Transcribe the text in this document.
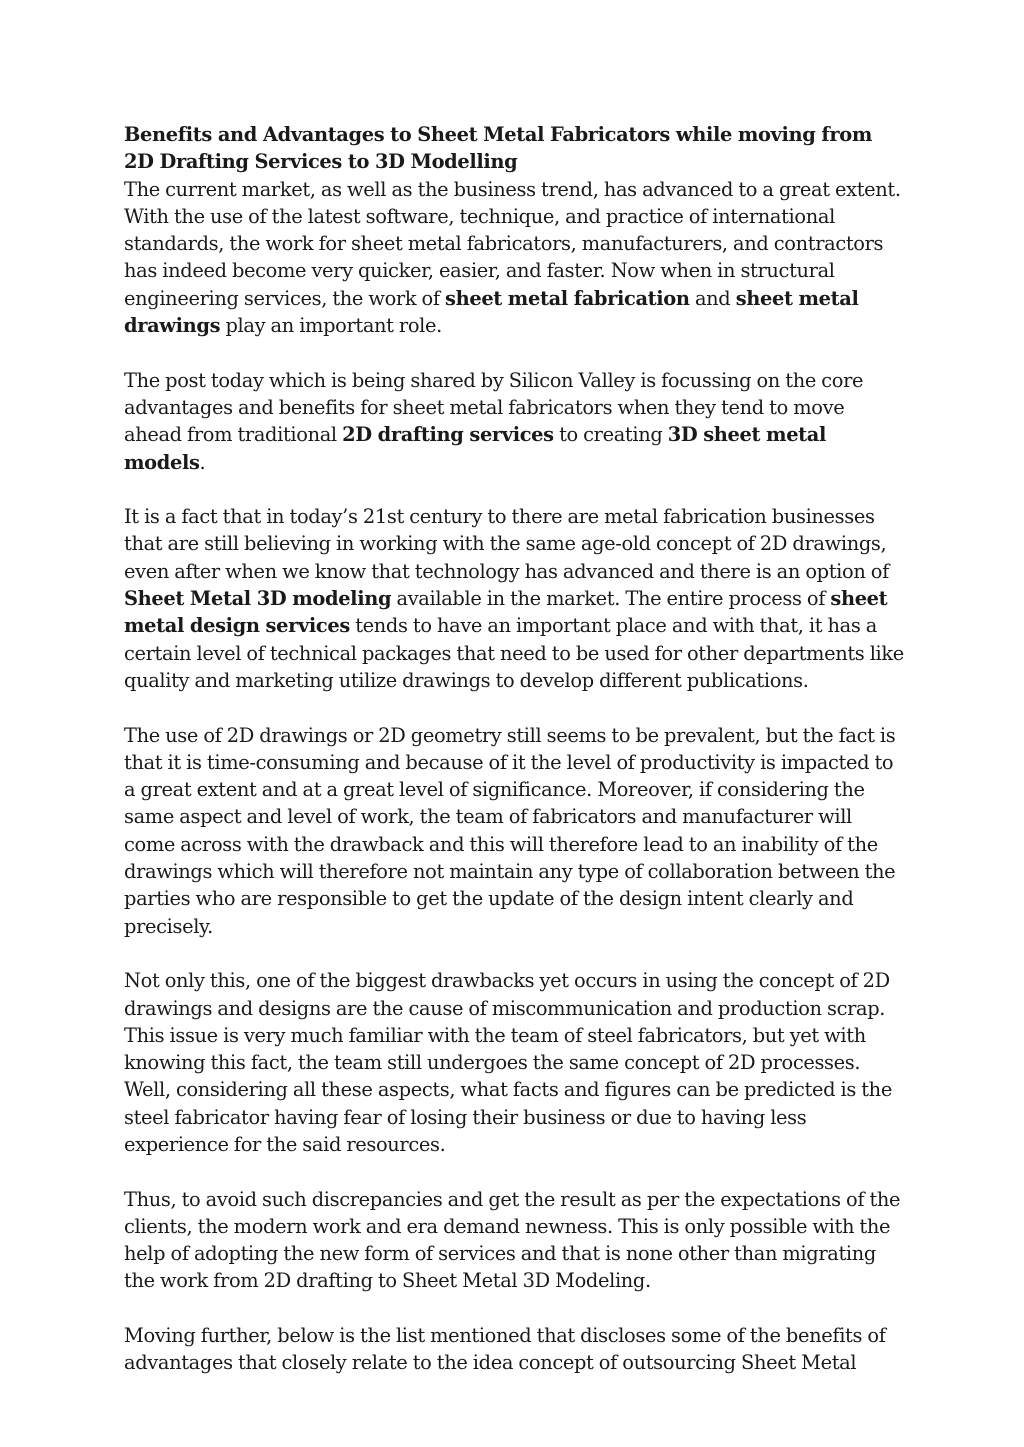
Benefits and Advantages to Sheet Metal Fabricators while moving from 2D Drafting Services to 3D Modelling

The current market, as well as the business trend, has advanced to a great extent. With the use of the latest software, technique, and practice of international standards, the work for sheet metal fabricators, manufacturers, and contractors has indeed become very quicker, easier, and faster. Now when in structural engineering services, the work of sheet metal fabrication and sheet metal drawings play an important role.

The post today which is being shared by Silicon Valley is focussing on the core advantages and benefits for sheet metal fabricators when they tend to move ahead from traditional 2D drafting services to creating 3D sheet metal models.

It is a fact that in today’s 21st century to there are metal fabrication businesses that are still believing in working with the same age-old concept of 2D drawings, even after when we know that technology has advanced and there is an option of Sheet Metal 3D modeling available in the market. The entire process of sheet metal design services tends to have an important place and with that, it has a certain level of technical packages that need to be used for other departments like quality and marketing utilize drawings to develop different publications.

The use of 2D drawings or 2D geometry still seems to be prevalent, but the fact is that it is time-consuming and because of it the level of productivity is impacted to a great extent and at a great level of significance. Moreover, if considering the same aspect and level of work, the team of fabricators and manufacturer will come across with the drawback and this will therefore lead to an inability of the drawings which will therefore not maintain any type of collaboration between the parties who are responsible to get the update of the design intent clearly and precisely.

Not only this, one of the biggest drawbacks yet occurs in using the concept of 2D drawings and designs are the cause of miscommunication and production scrap. This issue is very much familiar with the team of steel fabricators, but yet with knowing this fact, the team still undergoes the same concept of 2D processes. Well, considering all these aspects, what facts and figures can be predicted is the steel fabricator having fear of losing their business or due to having less experience for the said resources.

Thus, to avoid such discrepancies and get the result as per the expectations of the clients, the modern work and era demand newness. This is only possible with the help of adopting the new form of services and that is none other than migrating the work from 2D drafting to Sheet Metal 3D Modeling.

Moving further, below is the list mentioned that discloses some of the benefits of advantages that closely relate to the idea concept of outsourcing Sheet Metal
